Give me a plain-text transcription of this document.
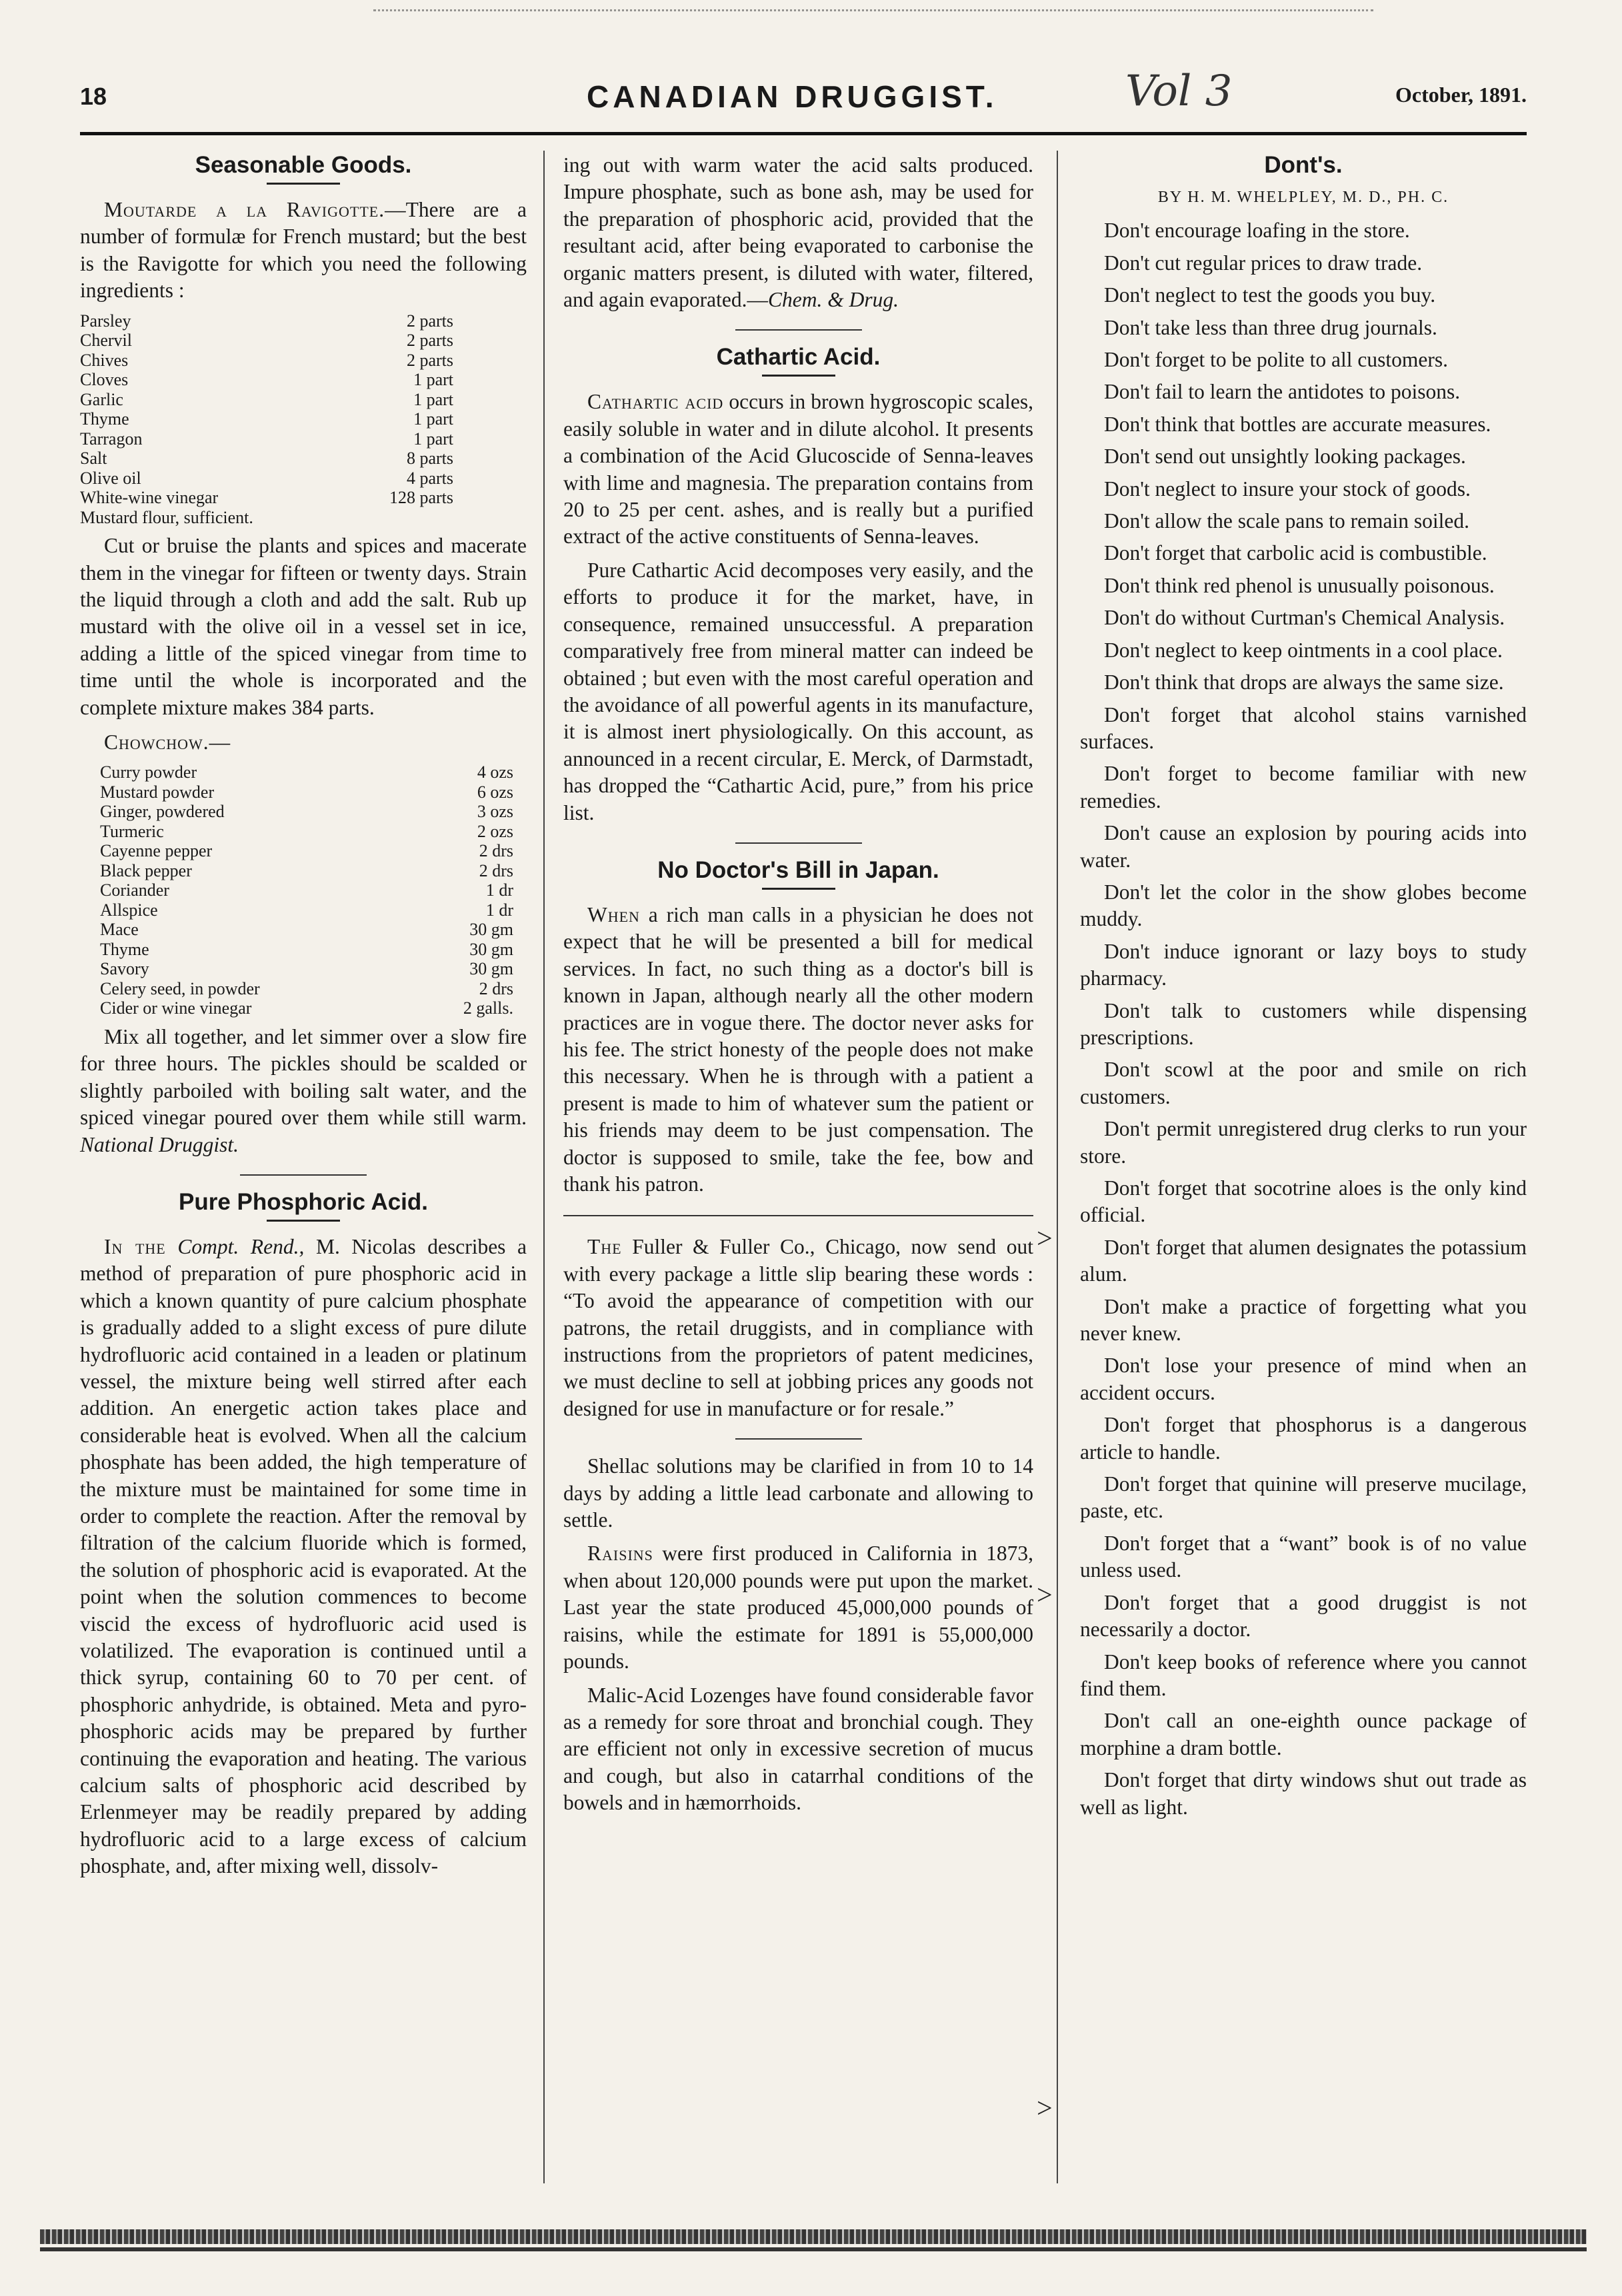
18	CANADIAN DRUGGIST.	Vol 3	October, 1891.
Seasonable Goods.

Moutarde a la Ravigotte.—There are a number of formulæ for French mustard; but the best is the Ravigotte for which you need the following ingredients :

Parsley	2 parts
Chervil	2 parts
Chives	2 parts
Cloves	1 part
Garlic	1 part
Thyme	1 part
Tarragon	1 part
Salt	8 parts
Olive oil	4 parts
White-wine vinegar	128 parts
Mustard flour, sufficient.	

Cut or bruise the plants and spices and macerate them in the vinegar for fifteen or twenty days. Strain the liquid through a cloth and add the salt. Rub up mustard with the olive oil in a vessel set in ice, adding a little of the spiced vinegar from time to time until the whole is incorporated and the complete mixture makes 384 parts.

Chowchow.—

Curry powder	4 ozs
Mustard powder	6 ozs
Ginger, powdered	3 ozs
Turmeric	2 ozs
Cayenne pepper	2 drs
Black pepper	2 drs
Coriander	1 dr
Allspice	1 dr
Mace	30 gm
Thyme	30 gm
Savory	30 gm
Celery seed, in powder	2 drs
Cider or wine vinegar	2 galls.

Mix all together, and let simmer over a slow fire for three hours. The pickles should be scalded or slightly parboiled with boiling salt water, and the spiced vinegar poured over them while still warm. National Druggist.

Pure Phosphoric Acid.

In the Compt. Rend., M. Nicolas describes a method of preparation of pure phosphoric acid in which a known quantity of pure calcium phosphate is gradually added to a slight excess of pure dilute hydrofluoric acid contained in a leaden or platinum vessel, the mixture being well stirred after each addition. An energetic action takes place and considerable heat is evolved. When all the calcium phosphate has been added, the high temperature of the mixture must be maintained for some time in order to complete the reaction. After the removal by filtration of the calcium fluoride which is formed, the solution of phosphoric acid is evaporated. At the point when the solution commences to become viscid the excess of hydrofluoric acid used is volatilized. The evaporation is continued until a thick syrup, containing 60 to 70 per cent. of phosphoric anhydride, is obtained. Meta and pyro-phosphoric acids may be prepared by further continuing the evaporation and heating. The various calcium salts of phosphoric acid described by Erlenmeyer may be readily prepared by adding hydrofluoric acid to a large excess of calcium phosphate, and, after mixing well, dissolv-

ing out with warm water the acid salts produced. Impure phosphate, such as bone ash, may be used for the preparation of phosphoric acid, provided that the resultant acid, after being evaporated to carbonise the organic matters present, is diluted with water, filtered, and again evaporated.—Chem. & Drug.

Cathartic Acid.

Cathartic acid occurs in brown hygroscopic scales, easily soluble in water and in dilute alcohol. It presents a combination of the Acid Glucoscide of Senna-leaves with lime and magnesia. The preparation contains from 20 to 25 per cent. ashes, and is really but a purified extract of the active constituents of Senna-leaves.

Pure Cathartic Acid decomposes very easily, and the efforts to produce it for the market, have, in consequence, remained unsuccessful. A preparation comparatively free from mineral matter can indeed be obtained ; but even with the most careful operation and the avoidance of all powerful agents in its manufacture, it is almost inert physiologically. On this account, as announced in a recent circular, E. Merck, of Darmstadt, has dropped the “Cathartic Acid, pure,” from his price list.

No Doctor's Bill in Japan.

When a rich man calls in a physician he does not expect that he will be presented a bill for medical services. In fact, no such thing as a doctor's bill is known in Japan, although nearly all the other modern practices are in vogue there. The doctor never asks for his fee. The strict honesty of the people does not make this necessary. When he is through with a patient a present is made to him of whatever sum the patient or his friends may deem to be just compensation. The doctor is supposed to smile, take the fee, bow and thank his patron.

The Fuller & Fuller Co., Chicago, now send out with every package a little slip bearing these words : “To avoid the appearance of competition with our patrons, the retail druggists, and in compliance with instructions from the proprietors of patent medicines, we must decline to sell at jobbing prices any goods not designed for use in manufacture or for resale.”

Shellac solutions may be clarified in from 10 to 14 days by adding a little lead carbonate and allowing to settle.

Raisins were first produced in California in 1873, when about 120,000 pounds were put upon the market. Last year the state produced 45,000,000 pounds of raisins, while the estimate for 1891 is 55,000,000 pounds.

Malic-Acid Lozenges have found considerable favor as a remedy for sore throat and bronchial cough. They are efficient not only in excessive secretion of mucus and cough, but also in catarrhal conditions of the bowels and in hæmorrhoids.

Dont's.
BY H. M. WHELPLEY, M. D., PH. C.

Don't encourage loafing in the store.

Don't cut regular prices to draw trade.

Don't neglect to test the goods you buy.

Don't take less than three drug journals.

Don't forget to be polite to all customers.

Don't fail to learn the antidotes to poisons.

Don't think that bottles are accurate measures.

Don't send out unsightly looking packages.

Don't neglect to insure your stock of goods.

Don't allow the scale pans to remain soiled.

Don't forget that carbolic acid is combustible.

Don't think red phenol is unusually poisonous.

Don't do without Curtman's Chemical Analysis.

Don't neglect to keep ointments in a cool place.

Don't think that drops are always the same size.

Don't forget that alcohol stains varnished surfaces.

Don't forget to become familiar with new remedies.

Don't cause an explosion by pouring acids into water.

Don't let the color in the show globes become muddy.

Don't induce ignorant or lazy boys to study pharmacy.

Don't talk to customers while dispensing prescriptions.

Don't scowl at the poor and smile on rich customers.

Don't permit unregistered drug clerks to run your store.

Don't forget that socotrine aloes is the only kind official.

Don't forget that alumen designates the potassium alum.

Don't make a practice of forgetting what you never knew.

Don't lose your presence of mind when an accident occurs.

Don't forget that phosphorus is a dangerous article to handle.

Don't forget that quinine will preserve mucilage, paste, etc.

Don't forget that a “want” book is of no value unless used.

Don't forget that a good druggist is not necessarily a doctor.

Don't keep books of reference where you cannot find them.

Don't call an one-eighth ounce package of morphine a dram bottle.

Don't forget that dirty windows shut out trade as well as light.

>
>
>
